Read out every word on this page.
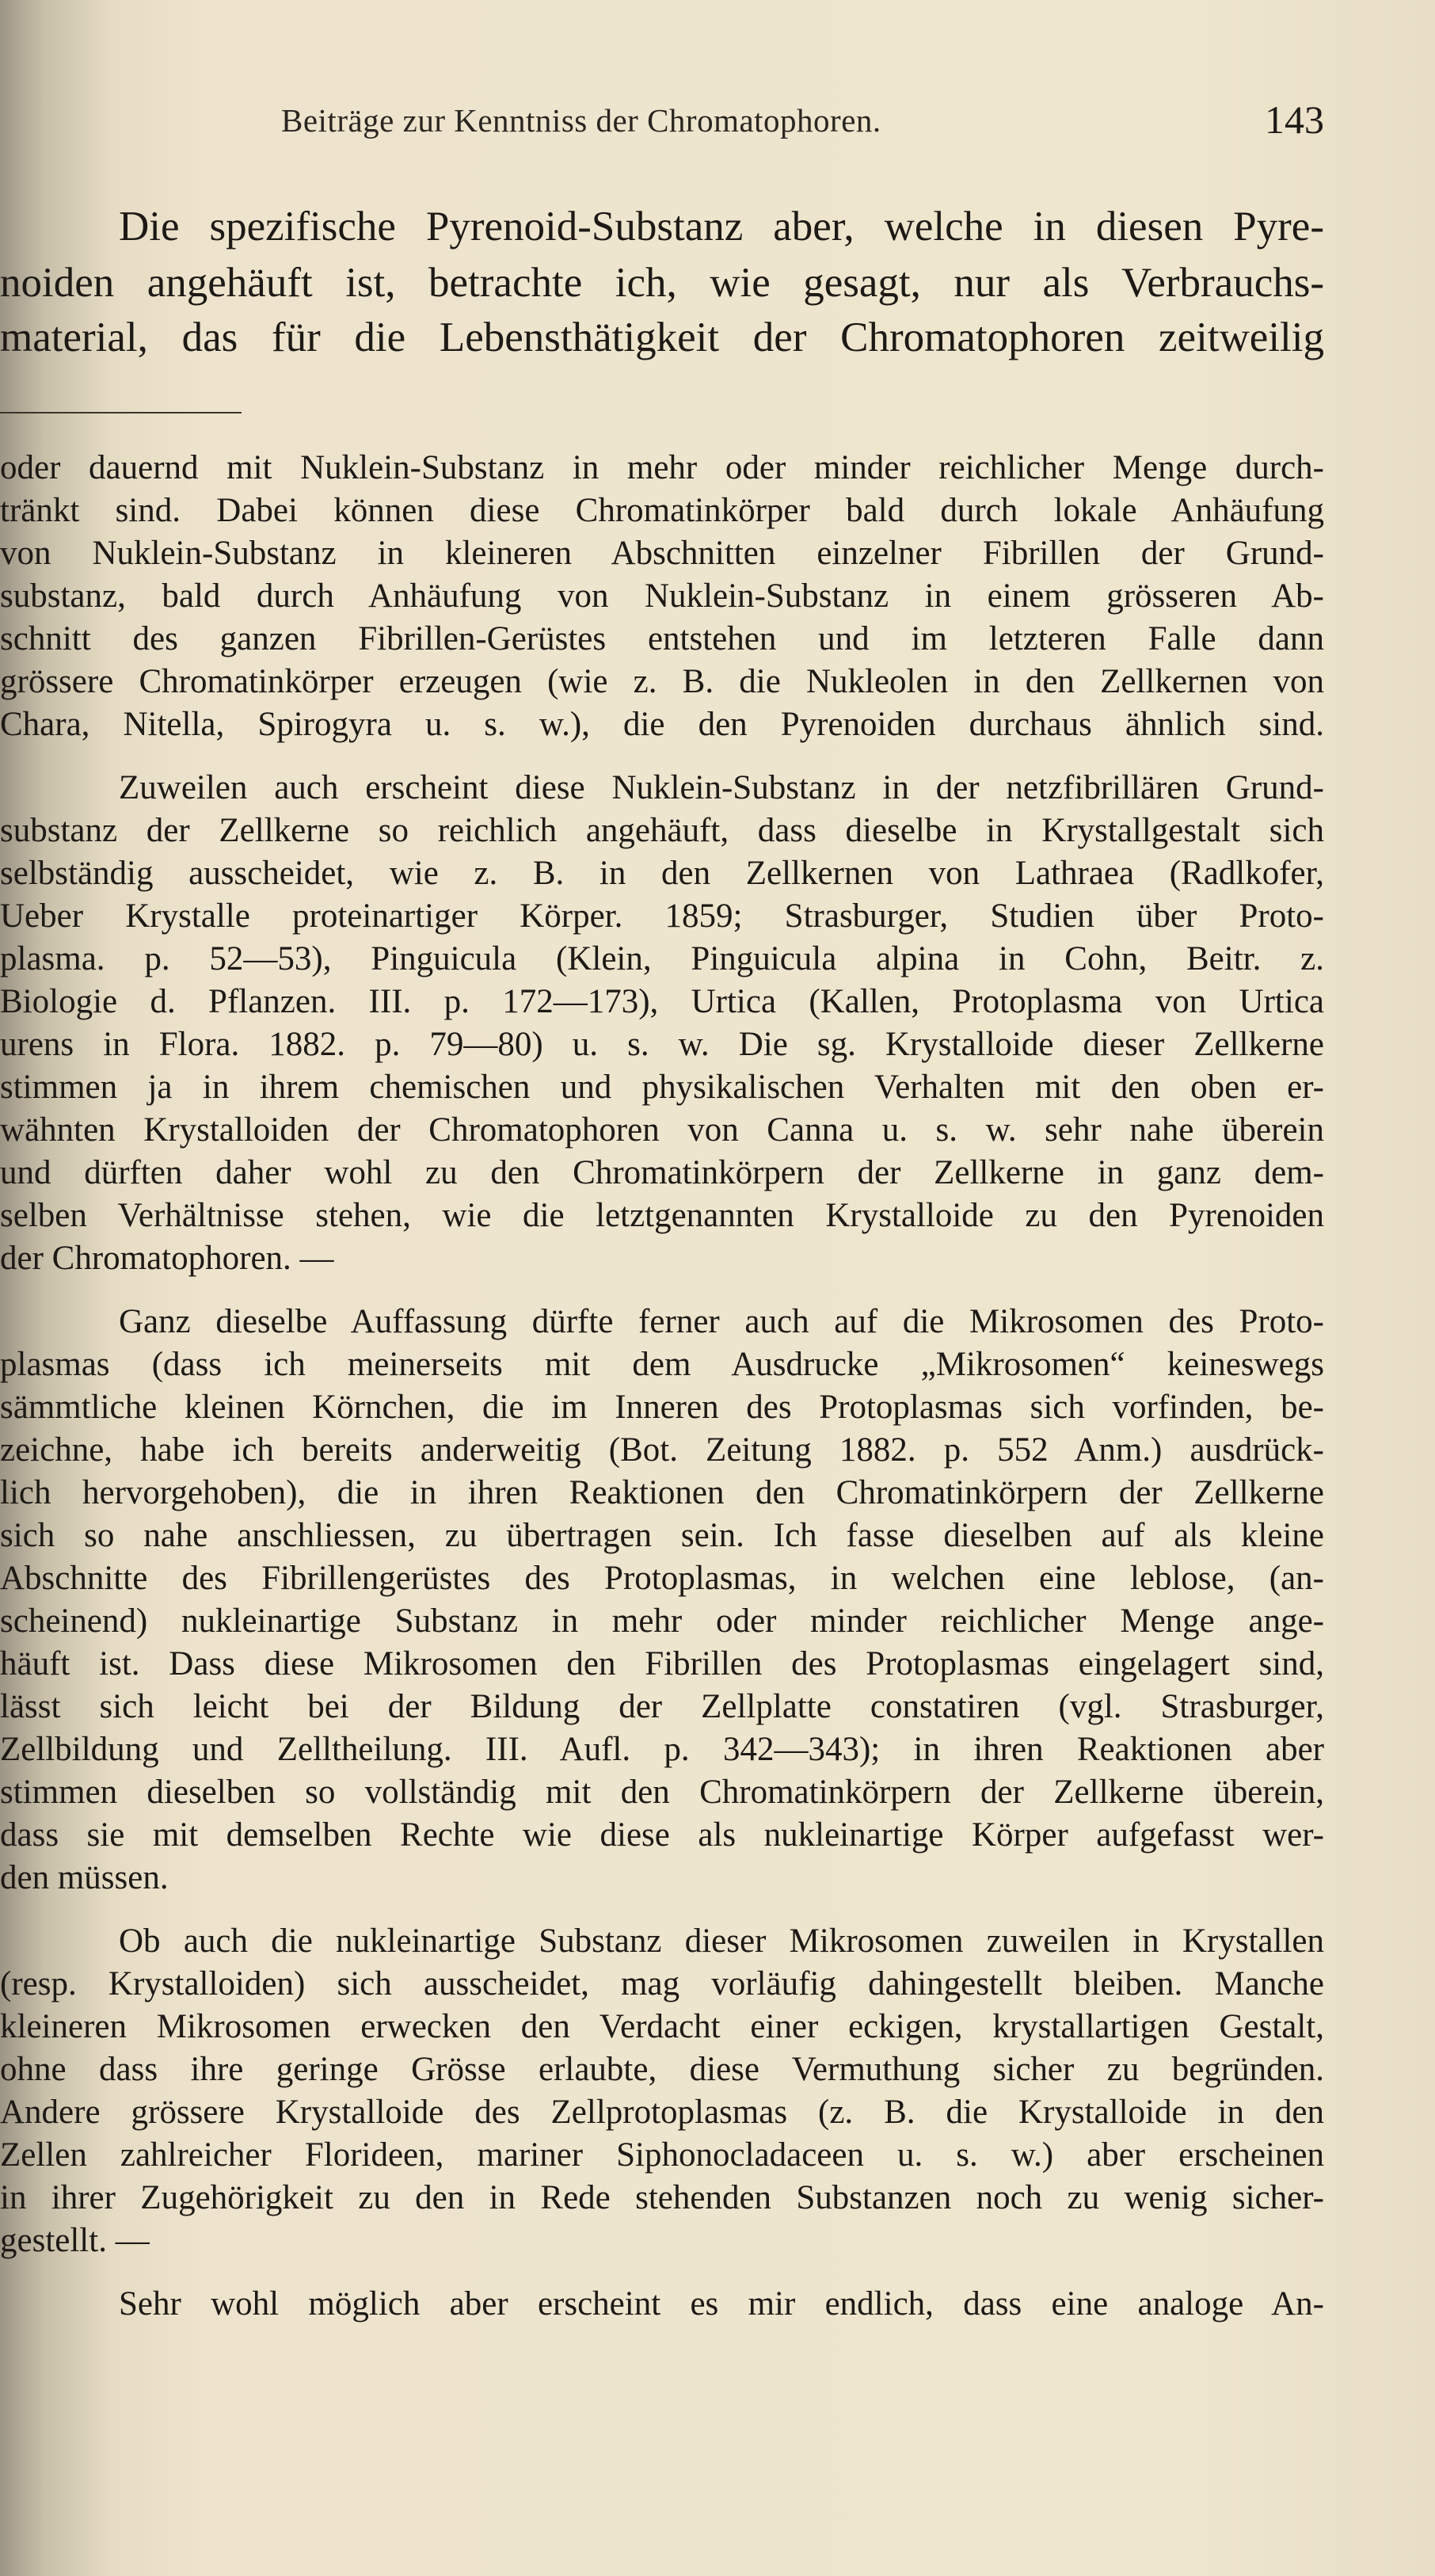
Beiträge zur Kenntniss der Chromatophoren.	143
Die spezifische Pyrenoid-Substanz aber, welche in diesen Pyre-
noiden angehäuft ist, betrachte ich, wie gesagt, nur als Verbrauchs-
material, das für die Lebensthätigkeit der Chromatophoren zeitweilig
oder dauernd mit Nuklein-Substanz in mehr oder minder reichlicher Menge durch-
tränkt sind. Dabei können diese Chromatinkörper bald durch lokale Anhäufung
von Nuklein-Substanz in kleineren Abschnitten einzelner Fibrillen der Grund-
substanz, bald durch Anhäufung von Nuklein-Substanz in einem grösseren Ab-
schnitt des ganzen Fibrillen-Gerüstes entstehen und im letzteren Falle dann
grössere Chromatinkörper erzeugen (wie z. B. die Nukleolen in den Zellkernen von
Chara, Nitella, Spirogyra u. s. w.), die den Pyrenoiden durchaus ähnlich sind.
Zuweilen auch erscheint diese Nuklein-Substanz in der netzfibrillären Grund-
substanz der Zellkerne so reichlich angehäuft, dass dieselbe in Krystallgestalt sich
selbständig ausscheidet, wie z. B. in den Zellkernen von Lathraea (Radlkofer,
Ueber Krystalle proteinartiger Körper. 1859; Strasburger, Studien über Proto-
plasma. p. 52—53), Pinguicula (Klein, Pinguicula alpina in Cohn, Beitr. z.
Biologie d. Pflanzen. III. p. 172—173), Urtica (Kallen, Protoplasma von Urtica
urens in Flora. 1882. p. 79—80) u. s. w. Die sg. Krystalloide dieser Zellkerne
stimmen ja in ihrem chemischen und physikalischen Verhalten mit den oben er-
wähnten Krystalloiden der Chromatophoren von Canna u. s. w. sehr nahe überein
und dürften daher wohl zu den Chromatinkörpern der Zellkerne in ganz dem-
selben Verhältnisse stehen, wie die letztgenannten Krystalloide zu den Pyrenoiden
der Chromatophoren. —
Ganz dieselbe Auffassung dürfte ferner auch auf die Mikrosomen des Proto-
plasmas (dass ich meinerseits mit dem Ausdrucke „Mikrosomen“ keineswegs
sämmtliche kleinen Körnchen, die im Inneren des Protoplasmas sich vorfinden, be-
zeichne, habe ich bereits anderweitig (Bot. Zeitung 1882. p. 552 Anm.) ausdrück-
lich hervorgehoben), die in ihren Reaktionen den Chromatinkörpern der Zellkerne
sich so nahe anschliessen, zu übertragen sein. Ich fasse dieselben auf als kleine
Abschnitte des Fibrillengerüstes des Protoplasmas, in welchen eine leblose, (an-
scheinend) nukleinartige Substanz in mehr oder minder reichlicher Menge ange-
häuft ist. Dass diese Mikrosomen den Fibrillen des Protoplasmas eingelagert sind,
lässt sich leicht bei der Bildung der Zellplatte constatiren (vgl. Strasburger,
Zellbildung und Zelltheilung. III. Aufl. p. 342—343); in ihren Reaktionen aber
stimmen dieselben so vollständig mit den Chromatinkörpern der Zellkerne überein,
dass sie mit demselben Rechte wie diese als nukleinartige Körper aufgefasst wer-
den müssen.
Ob auch die nukleinartige Substanz dieser Mikrosomen zuweilen in Krystallen
(resp. Krystalloiden) sich ausscheidet, mag vorläufig dahingestellt bleiben. Manche
kleineren Mikrosomen erwecken den Verdacht einer eckigen, krystallartigen Gestalt,
ohne dass ihre geringe Grösse erlaubte, diese Vermuthung sicher zu begründen.
Andere grössere Krystalloide des Zellprotoplasmas (z. B. die Krystalloide in den
Zellen zahlreicher Florideen, mariner Siphonocladaceen u. s. w.) aber erscheinen
in ihrer Zugehörigkeit zu den in Rede stehenden Substanzen noch zu wenig sicher-
gestellt. —
Sehr wohl möglich aber erscheint es mir endlich, dass eine analoge An-
